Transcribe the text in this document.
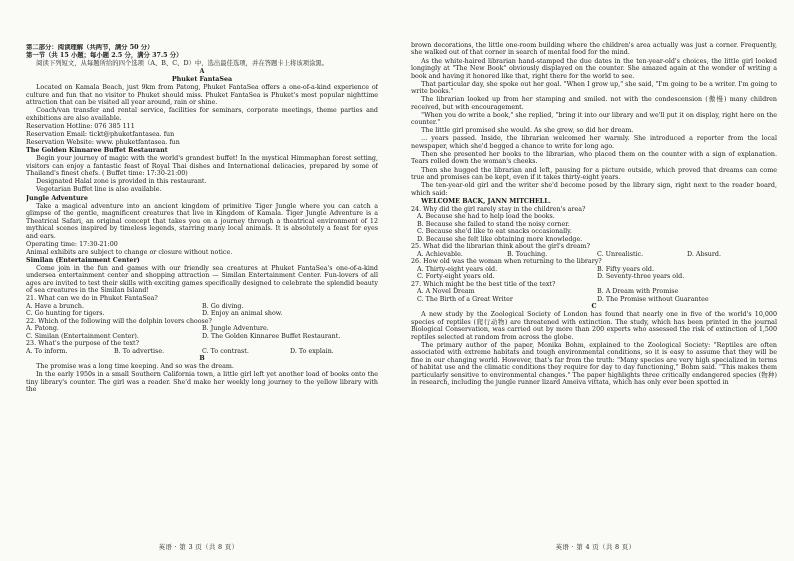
第二部分：阅读理解（共两节，满分 50 分）

第一节（共 15 小题；每小题 2.5 分，满分 37.5 分）

阅读下列短文，从每题所给的四个选项（A、B、C、D）中，选出最佳选项，并在答题卡上将该项涂黑。

A

Phuket FantaSea

Located on Kamala Beach, just 9km from Patong, Phuket FantaSea offers a one-of-a-kind experience of culture and fun that no visitor to Phuket should miss. Phuket FantaSea is Phuket's most popular nighttime attraction that can be visited all year around, rain or shine.

Coach/van transfer and rental service, facilities for seminars, corporate meetings, theme parties and exhibitions are also available.

Reservation Hotline: 076 385 111

Reservation Email: tickt@phuketfantasea. fun

Reservation Website: www. phuketfantasea. fun

The Golden Kinnaree Buffet Restaurant

Begin your journey of magic with the world's grandest buffet! In the mystical Himmaphan forest setting, visitors can enjoy a fantastic feast of Royal Thai dishes and International delicacies, prepared by some of Thailand's finest chefs. ( Buffet time: 17:30-21:00)

Designated Halal zone is provided in this restaurant.

Vegetarian Buffet line is also available.

Jungle Adventure

Take a magical adventure into an ancient kingdom of primitive Tiger Jungle where you can catch a glimpse of the gentle, magnificent creatures that live in Kingdom of Kamala. Tiger Jungle Adventure is a Theatrical Safari, an original concept that takes you on a journey through a theatrical environment of 12 mythical scenes inspired by timeless legends, starring many local animals. It is absolutely a feast for eyes and ears.

Operating time: 17:30-21:00

Animal exhibits are subject to change or closure without notice.

Similan (Entertainment Center)

Come join in the fun and games with our friendly sea creatures at Phuket FantaSea's one-of-a-kind undersea entertainment center and shopping attraction — Similan Entertainment Center. Fun-lovers of all ages are invited to test their skills with exciting games specifically designed to celebrate the splendid beauty of sea creatures in the Similan Island!

21. What can we do in Phuket FantaSea?

A. Have a brunch.	B. Go diving.
C. Go hunting for tigers.	D. Enjoy an animal show.

22. Which of the following will the dolphin lovers choose?

A. Patong.	B. Jungle Adventure.
C. Similan (Entertainment Center).	D. The Golden Kinnaree Buffet Restaurant.

23. What's the purpose of the text?

A. To inform.	B. To advertise.	C. To contrast.	D. To explain.

B

The promise was a long time keeping. And so was the dream.

In the early 1950s in a small Southern California town, a little girl left yet another load of books onto the tiny library's counter. The girl was a reader. She'd make her weekly long journey to the yellow library with the

英语 · 第 3 页（共 8 页）

brown decorations, the little one-room building where the children's area actually was just a corner. Frequently, she walked out of that corner in search of mental food for the mind.

As the white-haired librarian hand-stamped the due dates in the ten-year-old's choices, the little girl looked longingly at "The New Book" obviously displayed on the counter. She amazed again at the wonder of writing a book and having it honored like that, right there for the world to see.

That particular day, she spoke out her goal. "When I grow up," she said, "I'm going to be a writer. I'm going to write books."

The librarian looked up from her stamping and smiled. not with the condescension (傲慢) many children received, but with encouragement.

"When you do write a book," she replied, "bring it into our library and we'll put it on display, right here on the counter."

The little girl promised she would. As she grew, so did her dream.

... years passed. Inside, the librarian welcomed her warmly. She introduced a reporter from the local newspaper, which she'd begged a chance to write for long ago.

Then she presented her books to the librarian, who placed them on the counter with a sign of explanation. Tears rolled down the woman's cheeks.

Then she hugged the librarian and left, pausing for a picture outside, which proved that dreams can come true and promises can be kept, even if it takes thirty-eight years.

The ten-year-old girl and the writer she'd become posed by the library sign, right next to the reader board, which said:

WELCOME BACK, JANN MITCHELL.

24. Why did the girl rarely stay in the children's area?

A. Because she had to help load the books.

B. Because she failed to stand the noisy corner.

C. Because she'd like to eat snacks occasionally.

D. Because she felt like obtaining more knowledge.

25. What did the librarian think about the girl's dream?

A. Achievable.	B. Touching.	C. Unrealistic.	D. Absurd.

26. How old was the woman when returning to the library?

A. Thirty-eight years old.	B. Fifty years old.
C. Forty-eight years old.	D. Seventy-three years old.

27. Which might be the best title of the text?

A. A Novel Dream	B. A Dream with Promise
C. The Birth of a Great Writer	D. The Promise without Guarantee

C

A new study by the Zoological Society of London has found that nearly one in five of the world's 10,000 species of reptiles (爬行动物) are threatened with extinction. The study, which has been printed in the journal Biological Conservation, was carried out by more than 200 experts who assessed the risk of extinction of 1,500 reptiles selected at random from across the globe.

The primary author of the paper, Monika Bohm, explained to the Zoological Society: "Reptiles are often associated with extreme habitats and tough environmental conditions, so it is easy to assume that they will be fine in our changing world. However, that's far from the truth: "Many species are very high specialized in terms of habitat use and the climatic conditions they require for day to day functioning," Bohm said. "This makes them particularly sensitive to environmental changes." The paper highlights three critically endangered species (物种) in research, including the jungle runner lizard Ameiva vittata, which has only ever been spotted in

英语 · 第 4 页（共 8 页）
